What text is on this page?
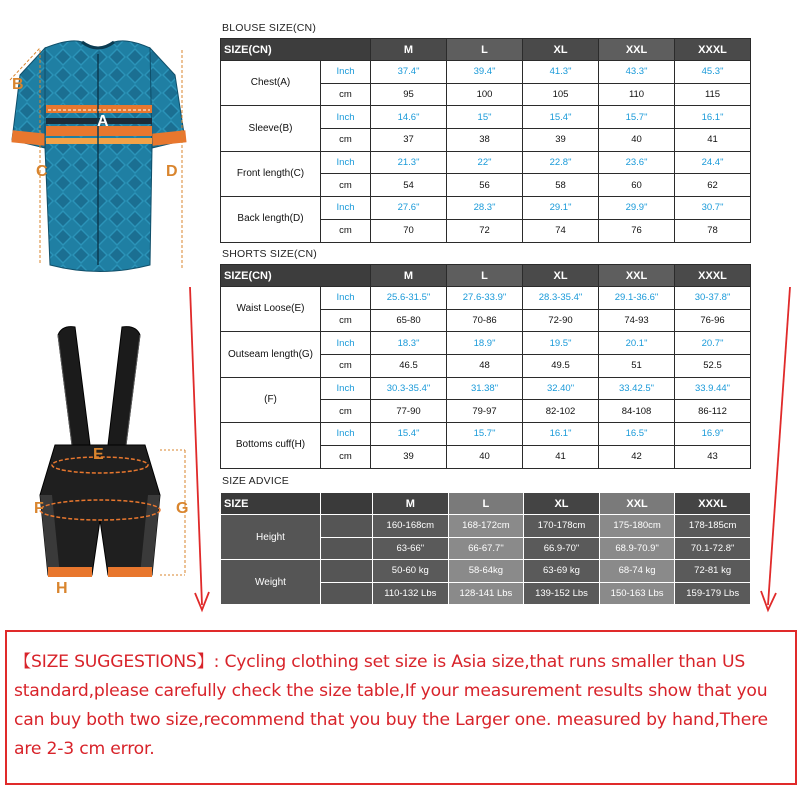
A
B
C	D
E
F	G
H
BLOUSE SIZE(CN)
SIZE(CN)		M	L	XL	XXL	XXXL
Chest(A)	Inch	37.4"	39.4"	41.3"	43.3"	45.3"
	cm	95	100	105	110	115
Sleeve(B)	Inch	14.6"	15"	15.4"	15.7"	16.1"
	cm	37	38	39	40	41
Front length(C)	Inch	21.3"	22"	22.8"	23.6"	24.4"
	cm	54	56	58	60	62
Back length(D)	Inch	27.6"	28.3"	29.1"	29.9"	30.7"
	cm	70	72	74	76	78
SHORTS SIZE(CN)
SIZE(CN)		M	L	XL	XXL	XXXL
Waist Loose(E)	Inch	25.6-31.5"	27.6-33.9"	28.3-35.4"	29.1-36.6"	30-37.8"
	cm	65-80	70-86	72-90	74-93	76-96
Outseam length(G)	Inch	18.3"	18.9"	19.5"	20.1"	20.7"
	cm	46.5	48	49.5	51	52.5
(F)	Inch	30.3-35.4"	31.38"	32.40"	33.42.5"	33.9.44"
	cm	77-90	79-97	82-102	84-108	86-112
Bottoms cuff(H)	Inch	15.4"	15.7"	16.1"	16.5"	16.9"
	cm	39	40	41	42	43
SIZE ADVICE
SIZE		M	L	XL	XXL	XXXL
Height		160-168cm	168-172cm	170-178cm	175-180cm	178-185cm
		63-66"	66-67.7"	66.9-70"	68.9-70.9"	70.1-72.8"
Weight		50-60 kg	58-64kg	63-69 kg	68-74 kg	72-81 kg
		110-132 Lbs	128-141 Lbs	139-152 Lbs	150-163 Lbs	159-179 Lbs

【SIZE SUGGESTIONS】: Cycling clothing set size is Asia size,that runs smaller than US standard,please carefully check the size table,If your measurement results show that you can buy both two size,recommend that you buy the Larger one. measured by hand,There are 2-3 cm error.
